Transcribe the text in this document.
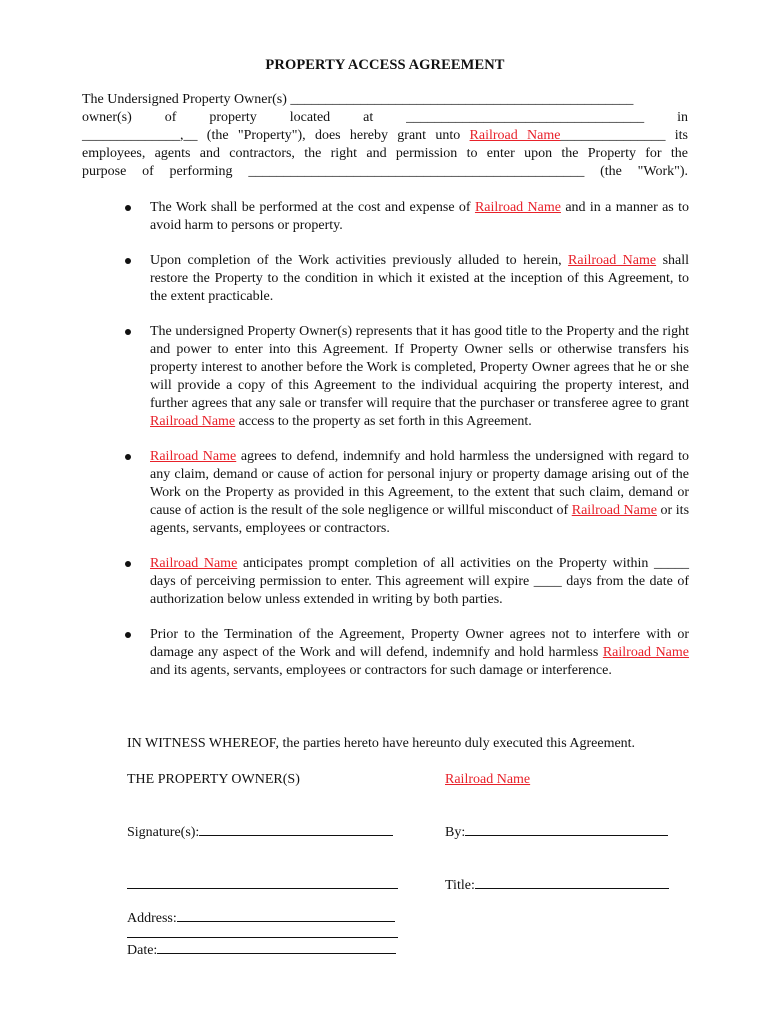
PROPERTY ACCESS AGREEMENT
The Undersigned Property Owner(s) _________________________________________________
owner(s) of property located at __________________________________ in
______________,__ (the "Property"), does hereby grant unto Railroad Name_______________ its
employees, agents and contractors, the right and permission to enter upon the Property for the
purpose of performing ________________________________________________ (the "Work").
The Work shall be performed at the cost and expense of Railroad Name and in a manner as to avoid harm to persons or property.
Upon completion of the Work activities previously alluded to herein, Railroad Name shall restore the Property to the condition in which it existed at the inception of this Agreement, to the extent practicable.
The undersigned Property Owner(s) represents that it has good title to the Property and the right and power to enter into this Agreement. If Property Owner sells or otherwise transfers his property interest to another before the Work is completed, Property Owner agrees that he or she will provide a copy of this Agreement to the individual acquiring the property interest, and further agrees that any sale or transfer will require that the purchaser or transferee agree to grant Railroad Name access to the property as set forth in this Agreement.
Railroad Name agrees to defend, indemnify and hold harmless the undersigned with regard to any claim, demand or cause of action for personal injury or property damage arising out of the Work on the Property as provided in this Agreement, to the extent that such claim, demand or cause of action is the result of the sole negligence or willful misconduct of Railroad Name or its agents, servants, employees or contractors.
Railroad Name anticipates prompt completion of all activities on the Property within _____ days of perceiving permission to enter. This agreement will expire ____ days from the date of authorization below unless extended in writing by both parties.
Prior to the Termination of the Agreement, Property Owner agrees not to interfere with or damage any aspect of the Work and will defend, indemnify and hold harmless Railroad Name and its agents, servants, employees or contractors for such damage or interference.
IN WITNESS WHEREOF, the parties hereto have hereunto duly executed this Agreement.
THE PROPERTY OWNER(S)	Railroad Name
Signature(s):	By:
Title:
Address:
Date:
